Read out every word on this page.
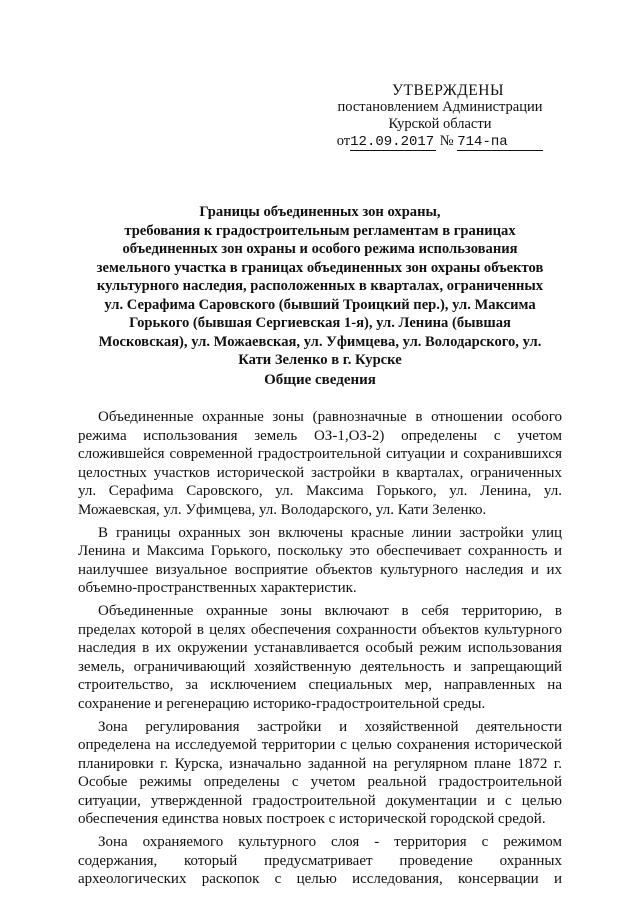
УТВЕРЖДЕНЫ
постановлением Администрации
Курской области
от12.09.2017 № 714-па
Границы объединенных зон охраны,
требования к градостроительным регламентам в границах
объединенных зон охраны и особого режима использования
земельного участка в границах объединенных зон охраны объектов
культурного наследия, расположенных в кварталах, ограниченных
ул. Серафима Саровского (бывший Троицкий пер.), ул. Максима
Горького (бывшая Сергиевская 1-я), ул. Ленина (бывшая
Московская), ул. Можаевская, ул. Уфимцева, ул. Володарского, ул.
Кати Зеленко в г. Курске
Общие сведения
Объединенные охранные зоны (равнозначные в отношении особого
режима использования земель ОЗ-1,ОЗ-2) определены с учетом
сложившейся современной градостроительной ситуации и сохранившихся
целостных участков исторической застройки в кварталах, ограниченных
ул. Серафима Саровского, ул. Максима Горького, ул. Ленина, ул.
Можаевская, ул. Уфимцева, ул. Володарского, ул. Кати Зеленко.
В границы охранных зон включены красные линии застройки улиц
Ленина и Максима Горького, поскольку это обеспечивает сохранность и
наилучшее визуальное восприятие объектов культурного наследия и их
объемно-пространственных характеристик.
Объединенные охранные зоны включают в себя территорию, в
пределах которой в целях обеспечения сохранности объектов культурного
наследия в их окружении устанавливается особый режим использования
земель, ограничивающий хозяйственную деятельность и запрещающий
строительство, за исключением специальных мер, направленных на
сохранение и регенерацию историко-градостроительной среды.
Зона регулирования застройки и хозяйственной деятельности
определена на исследуемой территории с целью сохранения исторической
планировки г. Курска, изначально заданной на регулярном плане 1872 г.
Особые режимы определены с учетом реальной градостроительной
ситуации, утвержденной градостроительной документации и с целью
обеспечения единства новых построек с исторической городской средой.
Зона охраняемого культурного слоя - территория с режимом
содержания, который предусматривает проведение охранных
археологических раскопок с целью исследования, консервации и
